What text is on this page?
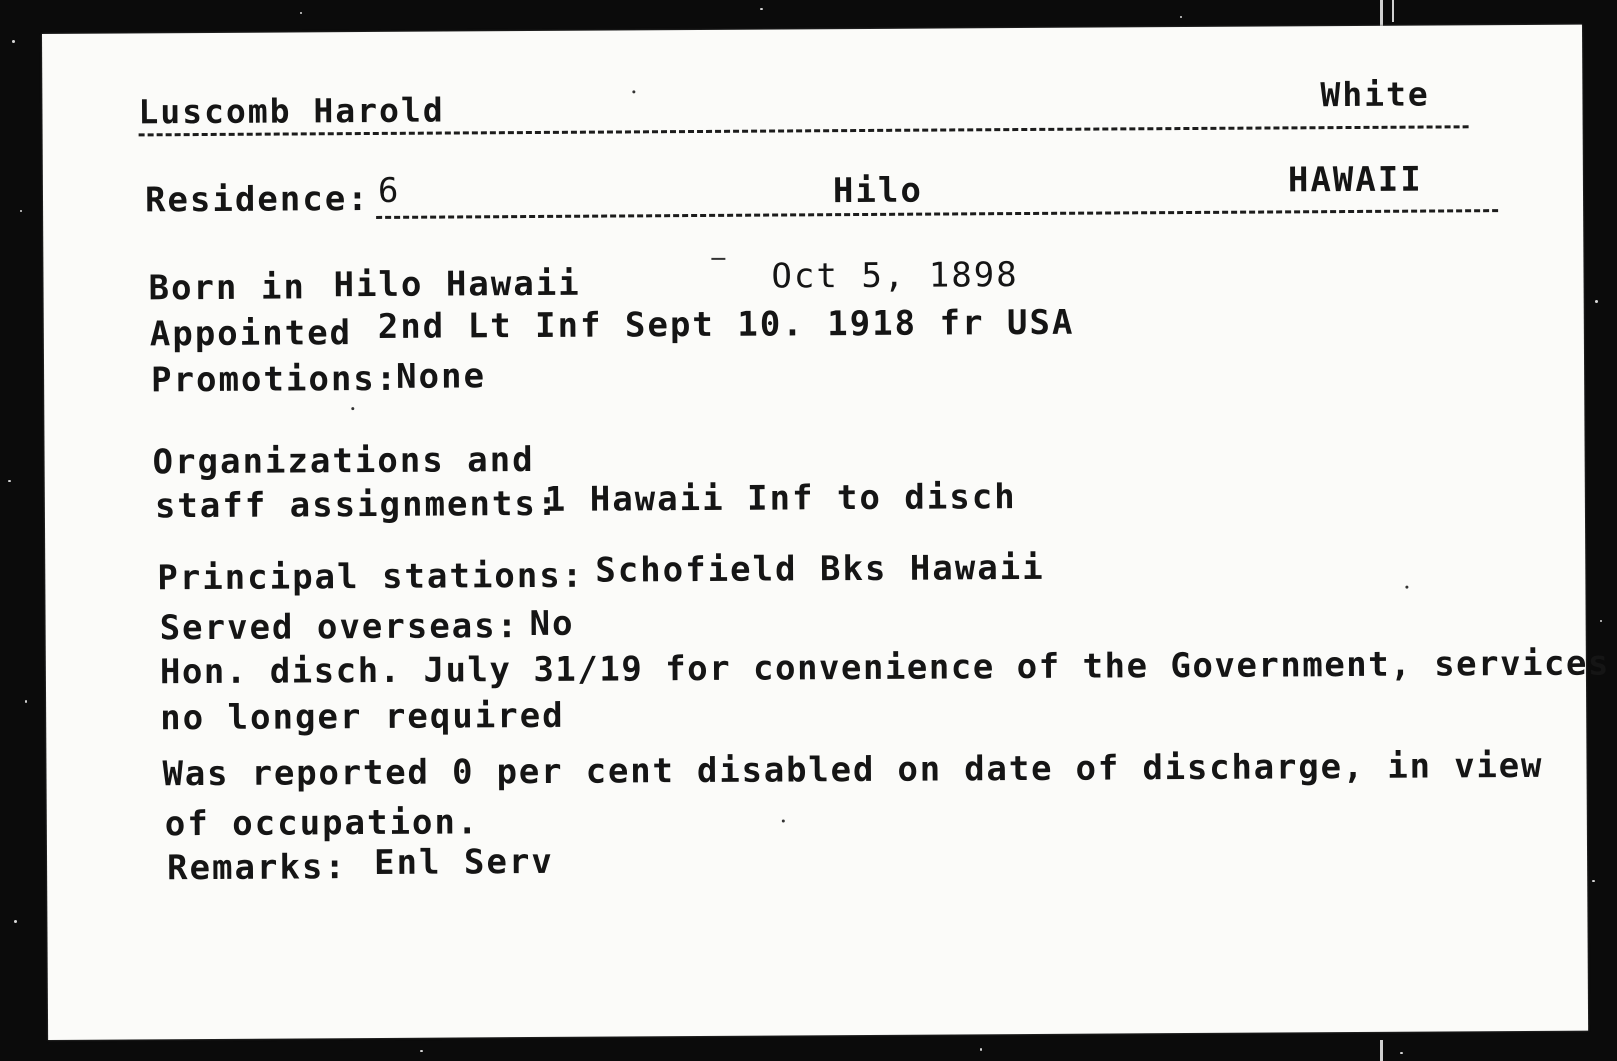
Luscomb Harold	White
Residence: 6	Hilo	HAWAII
Born in Hilo Hawaii	Oct 5, 1898
Appointed 2nd Lt Inf Sept 10. 1918 fr USA
Promotions:
None
Organizations and
staff assignments:
1 Hawaii Inf to disch
Principal stations: Schofield Bks Hawaii
Served overseas: No
Hon. disch. July 31/19 for convenience of the Government, services
no longer required
Was reported 0 per cent disabled on date of discharge, in view
of occupation.
Remarks: Enl Serv
